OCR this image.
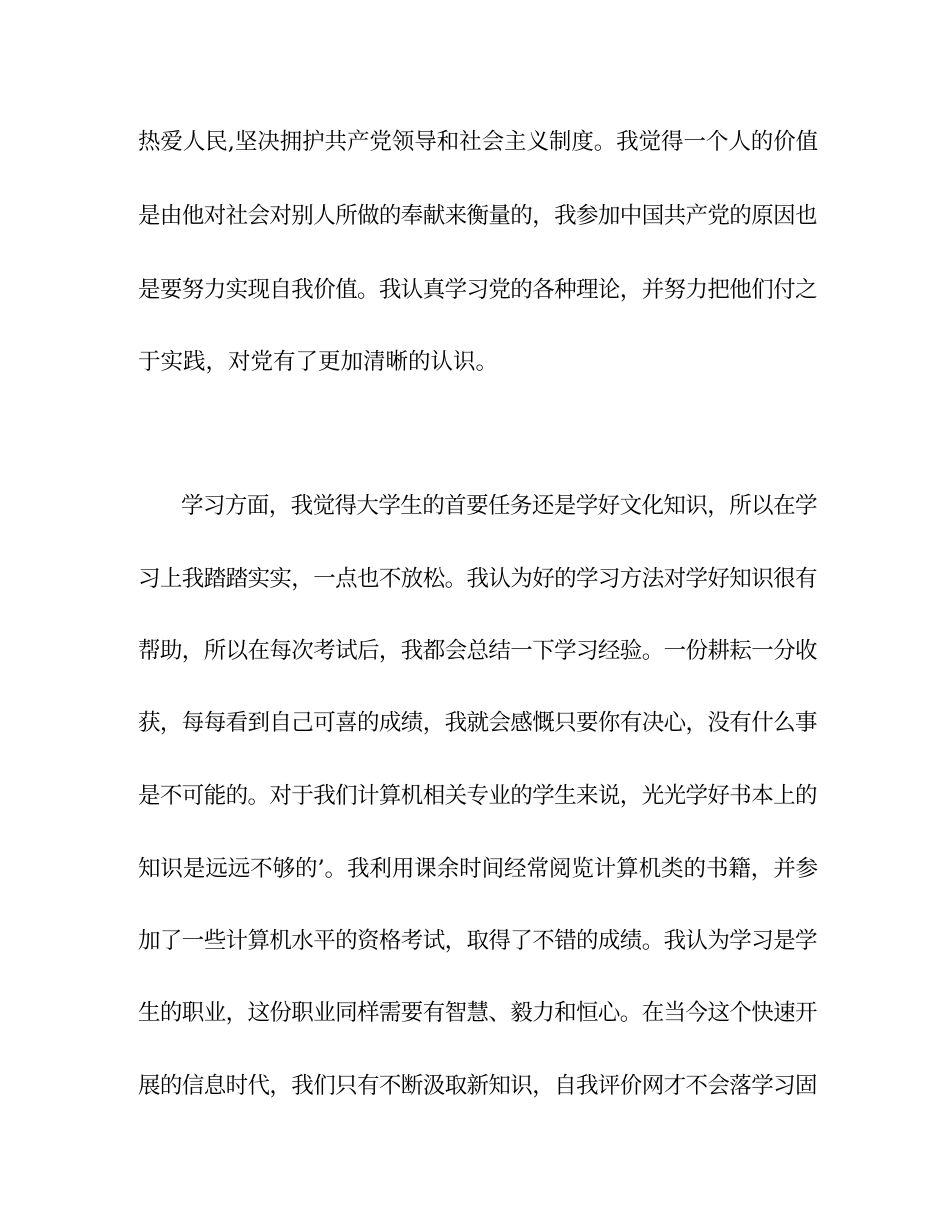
热爱人民,坚决拥护共产党领导和社会主义制度。我觉得一个人的价值
是由他对社会对别人所做的奉献来衡量的，我参加中国共产党的原因也
是要努力实现自我价值。我认真学习党的各种理论，并努力把他们付之
于实践，对党有了更加清晰的认识。
学习方面，我觉得大学生的首要任务还是学好文化知识，所以在学
习上我踏踏实实，一点也不放松。我认为好的学习方法对学好知识很有
帮助，所以在每次考试后，我都会总结一下学习经验。一份耕耘一分收
获，每每看到自己可喜的成绩，我就会感慨只要你有决心，没有什么事
是不可能的。对于我们计算机相关专业的学生来说，光光学好书本上的
知识是远远不够的’。我利用课余时间经常阅览计算机类的书籍，并参
加了一些计算机水平的资格考试，取得了不错的成绩。我认为学习是学
生的职业，这份职业同样需要有智慧、毅力和恒心。在当今这个快速开
展的信息时代，我们只有不断汲取新知识，自我评价网才不会落学习固
